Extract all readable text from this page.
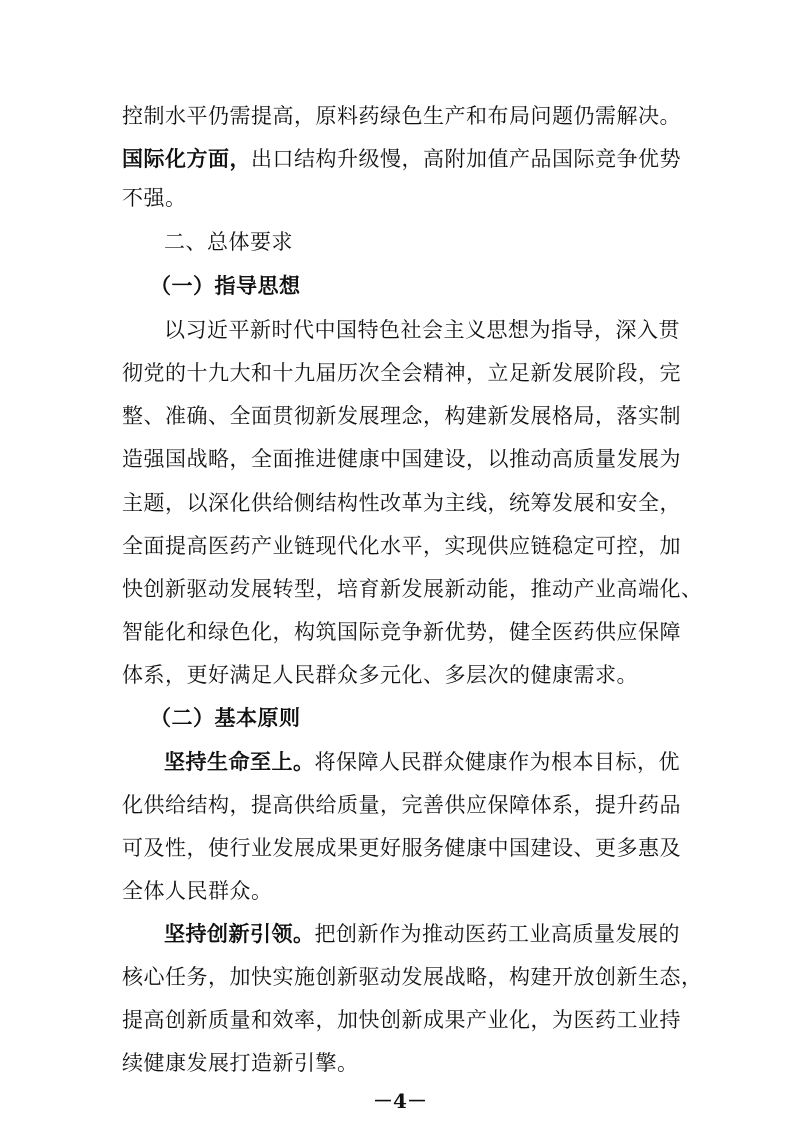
控制水平仍需提高，原料药绿色生产和布局问题仍需解决。
国际化方面，出口结构升级慢，高附加值产品国际竞争优势
不强。
二、总体要求
（一）指导思想
以习近平新时代中国特色社会主义思想为指导，深入贯
彻党的十九大和十九届历次全会精神，立足新发展阶段，完
整、准确、全面贯彻新发展理念，构建新发展格局，落实制
造强国战略，全面推进健康中国建设，以推动高质量发展为
主题，以深化供给侧结构性改革为主线，统筹发展和安全，
全面提高医药产业链现代化水平，实现供应链稳定可控，加
快创新驱动发展转型，培育新发展新动能，推动产业高端化、
智能化和绿色化，构筑国际竞争新优势，健全医药供应保障
体系，更好满足人民群众多元化、多层次的健康需求。
（二）基本原则
坚持生命至上。将保障人民群众健康作为根本目标，优
化供给结构，提高供给质量，完善供应保障体系，提升药品
可及性，使行业发展成果更好服务健康中国建设、更多惠及
全体人民群众。
坚持创新引领。把创新作为推动医药工业高质量发展的
核心任务，加快实施创新驱动发展战略，构建开放创新生态，
提高创新质量和效率，加快创新成果产业化，为医药工业持
续健康发展打造新引擎。
－4－
